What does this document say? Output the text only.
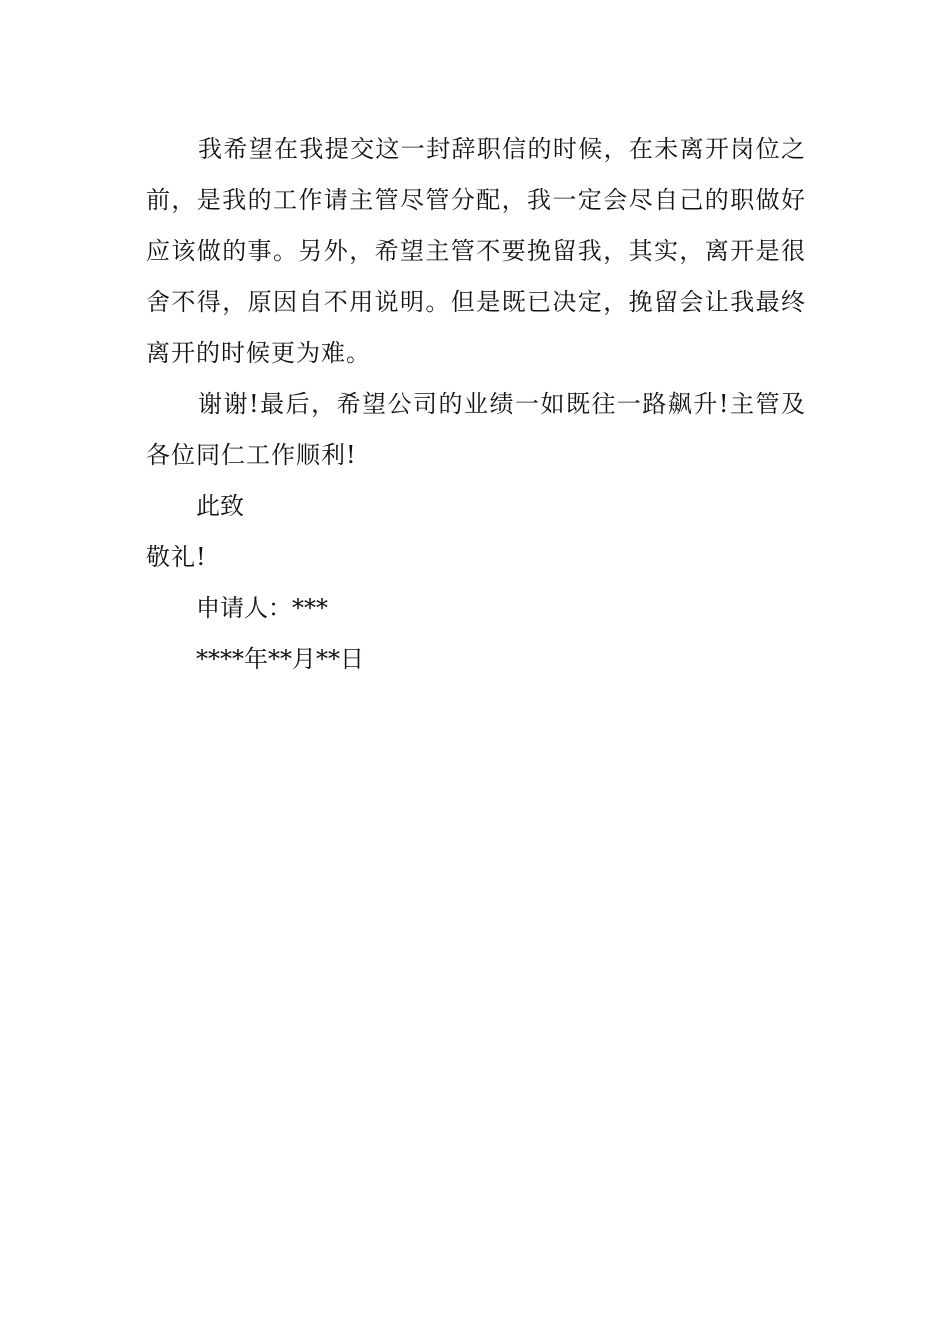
我希望在我提交这一封辞职信的时候，在未离开岗位之前，是我的工作请主管尽管分配，我一定会尽自己的职做好应该做的事。另外，希望主管不要挽留我，其实，离开是很舍不得，原因自不用说明。但是既已决定，挽留会让我最终离开的时候更为难。

谢谢!最后，希望公司的业绩一如既往一路飙升!主管及各位同仁工作顺利!

此致

敬礼!

申请人：***

****年**月**日
